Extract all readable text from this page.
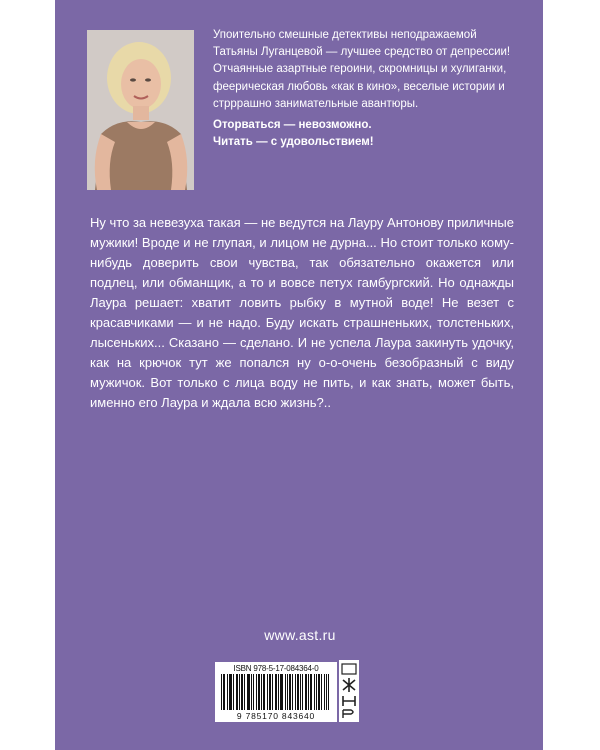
Упоительно смешные детективы неподражаемой Татьяны Луганцевой — лучшее средство от депрессии! Отчаянные азартные героини, скромницы и хулиганки, феерическая любовь «как в кино», веселые истории и стрррашно занимательные авантюры.

Оторваться — невозможно.

Читать — с удовольствием!

Ну что за невезуха такая — не ведутся на Лауру Антонову приличные мужики! Вроде и не глупая, и лицом не дурна... Но стоит только кому-нибудь доверить свои чувства, так обязательно окажется или подлец, или обманщик, а то и вовсе петух гамбургский. Но однажды Лаура решает: хватит ловить рыбку в мутной воде! Не везет с красавчиками — и не надо. Буду искать страшненьких, толстеньких, лысеньких... Сказано — сделано. И не успела Лаура закинуть удочку, как на крючок тут же попался ну о-о-очень безобразный с виду мужичок. Вот только с лица воду не пить, и как знать, может быть, именно его Лаура и ждала всю жизнь?..

www.ast.ru
ISBN 978-5-17-084364-0
9 785170 843640
